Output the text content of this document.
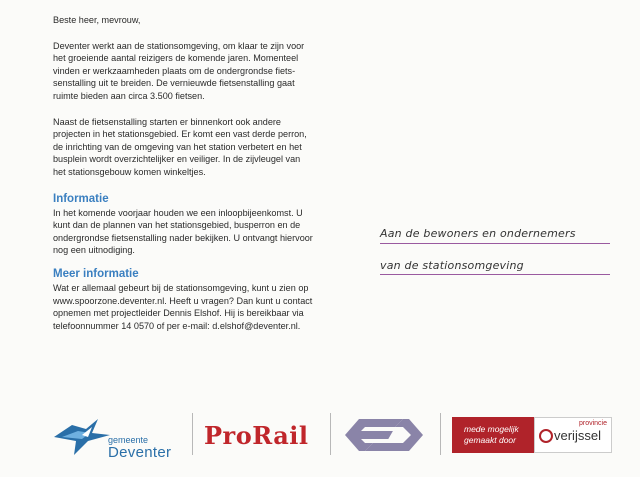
Beste heer, mevrouw,

Deventer werkt aan de stationsomgeving, om klaar te zijn voor het groeiende aantal reizigers de komende jaren. Momenteel vinden er werkzaamheden plaats om de ondergrondse fietssenstalling uit te breiden. De vernieuwde fietsenstalling gaat ruimte bieden aan circa 3.500 fietsen.

Naast de fietsenstalling starten er binnenkort ook andere projecten in het stationsgebied. Er komt een vast derde perron, de inrichting van de omgeving van het station verbetert en het busplein wordt overzichtelijker en veiliger. In de zijvleugel van het stationsgebouw komen winkeltjes.

Informatie

In het komende voorjaar houden we een inloopbijeenkomst. U kunt dan de plannen van het stationsgebied, busperron en de ondergrondse fietsenstalling nader bekijken. U ontvangt hiervoor nog een uitnodiging.

Meer informatie

Wat er allemaal gebeurt bij de stationsomgeving, kunt u zien op www.spoorzone.deventer.nl. Heeft u vragen? Dan kunt u contact opnemen met projectleider Dennis Elshof. Hij is bereikbaar via telefoonnummer 14 0570 of per e-mail: d.elshof@deventer.nl.

Aan de bewoners en ondernemers
van de stationsomgeving
gemeente
Deventer
ProRail	mede mogelijk
gemaakt door
provincie
verijssel
